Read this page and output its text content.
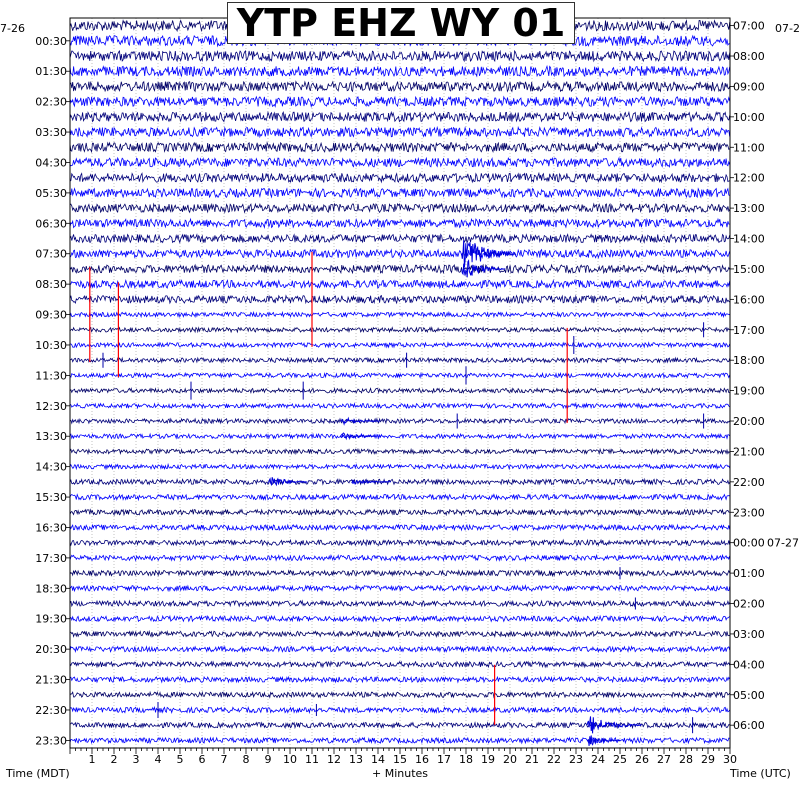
1 2 3 4 5 6 7 8 9 10 11 12 13 14 15 16 17 18 19 20 21 22 23 24 25 26 27 28 29 30
00:30
01:30
02:30
03:30
04:30
05:30
06:30
07:30
08:30
09:30
10:30
11:30
12:30
13:30
14:30
15:30
16:30
17:30
18:30
19:30
20:30
21:30
22:30
23:30
07:00
08:00
09:00
10:00
11:00
12:00
13:00
14:00
15:00
16:00
17:00
18:00
19:00
20:00
21:00
22:00
23:00
00:00 07-27
01:00
02:00
03:00
04:00
05:00
06:00
7-26	07-2
Time (MDT)	+ Minutes	Time (UTC)
YTP EHZ WY 01
